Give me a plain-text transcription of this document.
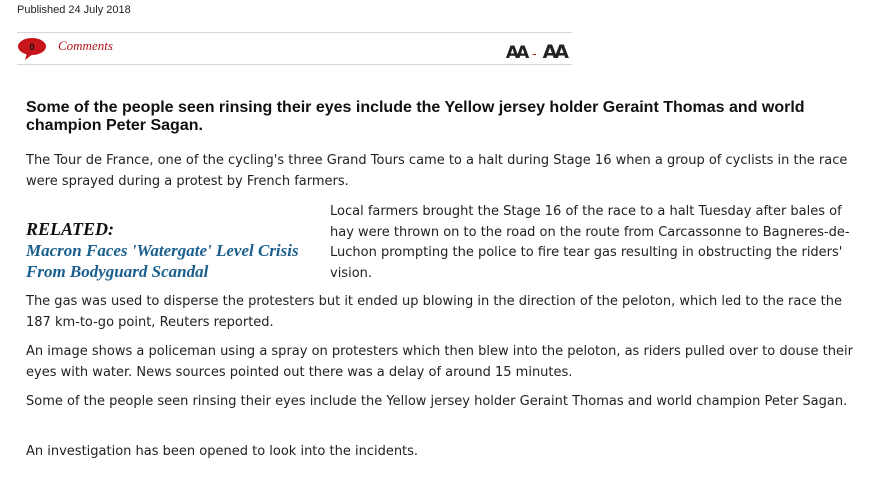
Published 24 July 2018
0	Comments	AA - AA
Some of the people seen rinsing their eyes include the Yellow jersey holder Geraint Thomas and world champion Peter Sagan.

The Tour de France, one of the cycling's three Grand Tours came to a halt during Stage 16 when a group of cyclists in the race were sprayed during a protest by French farmers.

RELATED:
Macron Faces 'Watergate' Level Crisis From Bodyguard Scandal

Local farmers brought the Stage 16 of the race to a halt Tuesday after bales of hay were thrown on to the road on the route from Carcassonne to Bagneres-de-Luchon prompting the police to fire tear gas resulting in obstructing the riders' vision.

The gas was used to disperse the protesters but it ended up blowing in the direction of the peloton, which led to the race the 187 km-to-go point, Reuters reported.

An image shows a policeman using a spray on protesters which then blew into the peloton, as riders pulled over to douse their eyes with water. News sources pointed out there was a delay of around 15 minutes.

Some of the people seen rinsing their eyes include the Yellow jersey holder Geraint Thomas and world champion Peter Sagan.

An investigation has been opened to look into the incidents.
